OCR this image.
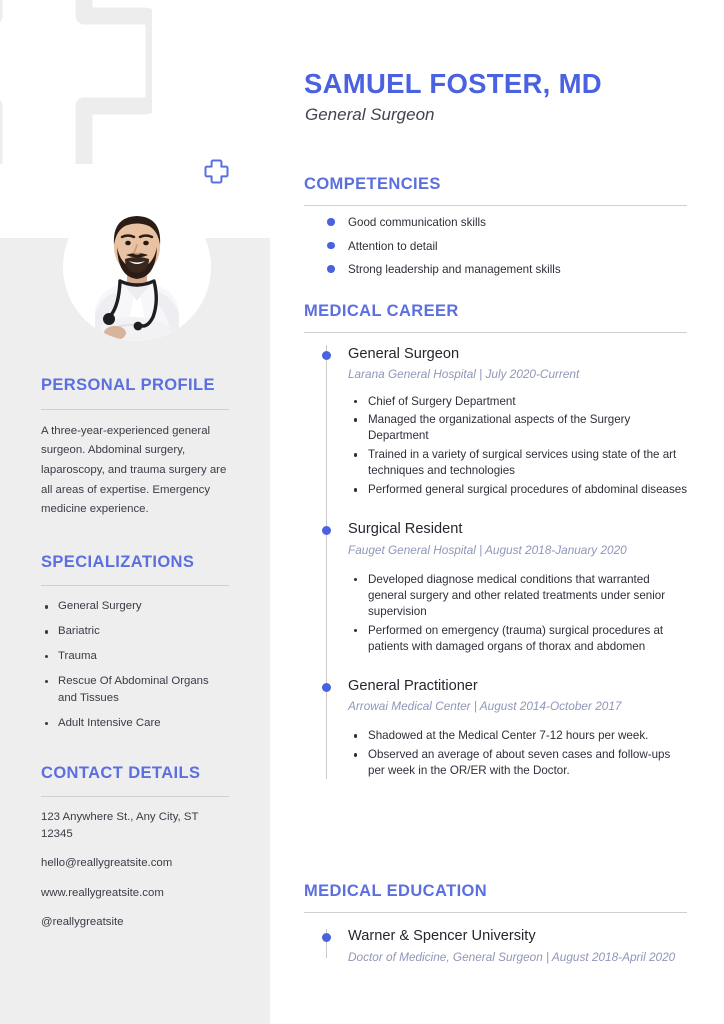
PERSONAL PROFILE
A three-year-experienced general surgeon. Abdominal surgery, laparoscopy, and trauma surgery are all areas of expertise. Emergency medicine experience.
SPECIALIZATIONS
General Surgery
Bariatric
Trauma
Rescue Of Abdominal Organs and Tissues
Adult Intensive Care
CONTACT DETAILS

123 Anywhere St., Any City, ST 12345

hello@reallygreatsite.com

www.reallygreatsite.com

@reallygreatsite

SAMUEL FOSTER, MD
General Surgeon
COMPETENCIES
Good communication skills
Attention to detail
Strong leadership and management skills
MEDICAL CAREER
General Surgeon
Larana General Hospital | July 2020-Current
Chief of Surgery Department
Managed the organizational aspects of the Surgery Department
Trained in a variety of surgical services using state of the art techniques and technologies
Performed general surgical procedures of abdominal diseases
Surgical Resident
Fauget General Hospital | August 2018-January 2020
Developed diagnose medical conditions that warranted general surgery and other related treatments under senior supervision
Performed on emergency (trauma) surgical procedures at patients with damaged organs of thorax and abdomen
General Practitioner
Arrowai Medical Center | August 2014-October 2017
Shadowed at the Medical Center 7-12 hours per week.
Observed an average of about seven cases and follow-ups per week in the OR/ER with the Doctor.
MEDICAL EDUCATION
Warner & Spencer University
Doctor of Medicine, General Surgeon | August 2018-April 2020
